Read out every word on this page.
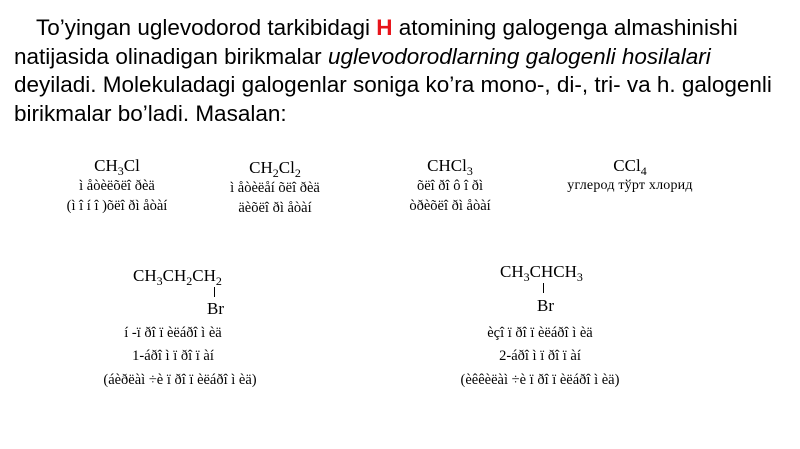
To’yingan uglevodorod tarkibidagi H atomining galogenga almashinishi natijasida olinadigan birikmalar uglevodorodlarning galogenli hosilalari deyiladi. Molekuladagi galogenlar soniga ko’ra mono-, di-, tri- va h. galogenli birikmalar bo’ladi. Masalan:

$CH_3Cl$
ì åòèëõëî ðèä
(ì î í î )õëî ðì åòàí
$CH_2Cl_2$
ì åòèëåí õëî ðèä
äèõëî ðì åòàí
CHCl$_3$
õëî ðî ô î ðì
òðèõëî ðì åòàí
CCl$_4$
углерод тўрт хлорид
$CH_3CH_2CH_2$
Br
í -ï ðî ï èëáðî ì èä
1-áðî ì ï ðî ï àí
(áèðëàì ÷è ï ðî ï èëáðî ì èä)
$CH_3CHCH_3$
Br
èçî ï ðî ï èëáðî ì èä
2-áðî ì ï ðî ï àí
(èêêèëàì ÷è ï ðî ï èëáðî ì èä)
